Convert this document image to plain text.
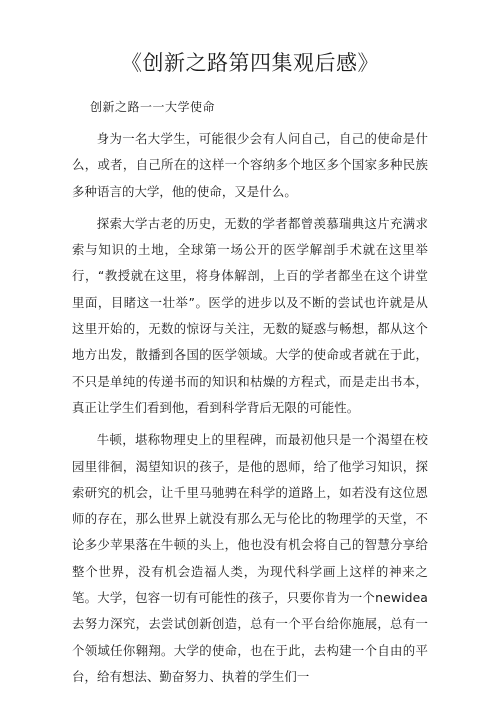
《创新之路第四集观后感》
创新之路一一大学使命

身为一名大学生，可能很少会有人问自己，自己的使命是什么，或者，自己所在的这样一个容纳多个地区多个国家多种民族多种语言的大学，他的使命，又是什么。

探索大学古老的历史，无数的学者都曾羡慕瑞典这片充满求索与知识的土地，全球第一场公开的医学解剖手术就在这里举行，“教授就在这里，将身体解剖，上百的学者都坐在这个讲堂里面，目睹这一壮举”。医学的进步以及不断的尝试也许就是从这里开始的，无数的惊讶与关注，无数的疑惑与畅想，都从这个地方出发，散播到各国的医学领域。大学的使命或者就在于此，不只是单纯的传递书而的知识和枯燥的方程式，而是走出书本，真正让学生们看到他，看到科学背后无限的可能性。

牛顿，堪称物理史上的里程碑，而最初他只是一个渴望在校园里徘徊，渴望知识的孩子，是他的恩师，给了他学习知识，探索研究的机会，让千里马驰骋在科学的道路上，如若没有这位恩师的存在，那么世界上就没有那么无与伦比的物理学的天堂，不论多少苹果落在牛顿的头上，他也没有机会将自己的智慧分享给整个世界，没有机会造福人类，为现代科学画上这样的神来之笔。大学，包容一切有可能性的孩子，只要你肯为一个newidea去努力深究，去尝试创新创造，总有一个平台给你施展，总有一个领域任你翱翔。大学的使命，也在于此，去构建一个自由的平台，给有想法、勤奋努力、执着的学生们一
